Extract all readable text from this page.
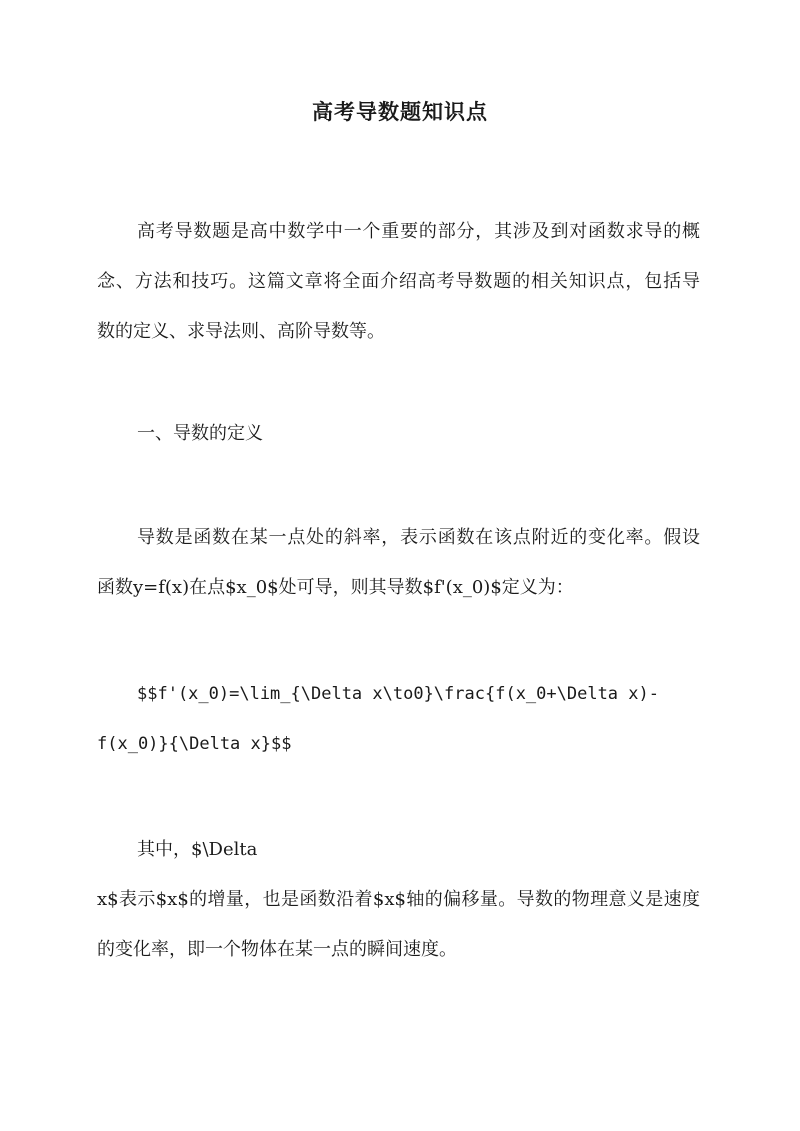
高考导数题知识点

高考导数题是高中数学中一个重要的部分，其涉及到对函数求导的概

念、方法和技巧。这篇文章将全面介绍高考导数题的相关知识点，包括导

数的定义、求导法则、高阶导数等。

一、导数的定义

导数是函数在某一点处的斜率，表示函数在该点附近的变化率。假设

函数y=f(x)在点$x_0$处可导，则其导数$f'(x_0)$定义为：

$$f'(x_0)=\lim_{\Delta x\to0}\frac{f(x_0+\Delta x)-

f(x_0)}{\Delta x}$$

其中，$\Delta

x$表示$x$的增量，也是函数沿着$x$轴的偏移量。导数的物理意义是速度

的变化率，即一个物体在某一点的瞬间速度。
